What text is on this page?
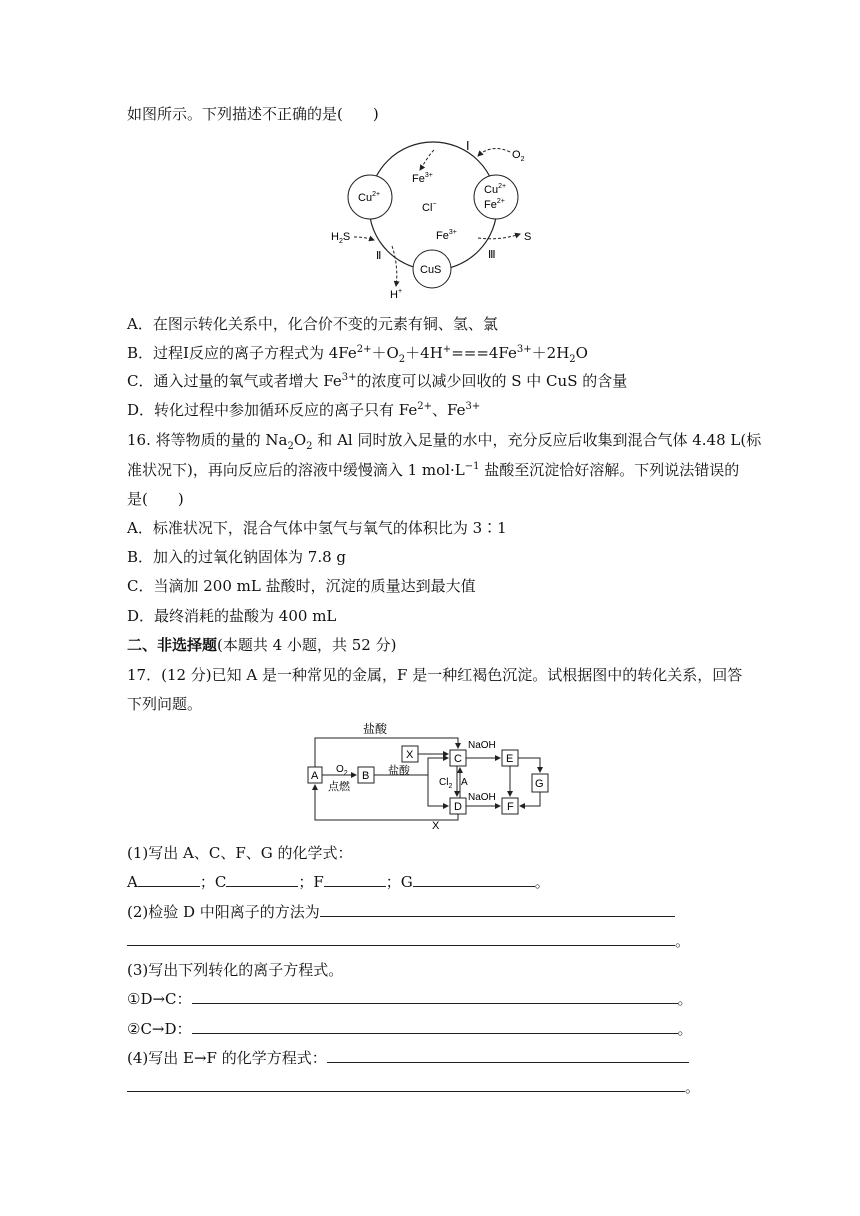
如图所示。下列描述不正确的是(　　)
$Cu^{2+}$
$Fe^{3+}$
Cl−
Ⅰ
$O_2$
$Cu^{2+}$
$Fe^{2+}$
$H_2S$
Ⅱ
$Fe^{3+}$	S
Ⅲ
CuS
H+
A．在图示转化关系中，化合价不变的元素有铜、氢、氯
B．过程Ⅰ反应的离子方程式为 $4Fe^{2+}+O_2+4H^+===4Fe^{3+}+2H_2O$
C．通入过量的氧气或者增大 $Fe^{3+}$的浓度可以减少回收的 S 中 CuS 的含量
D．转化过程中参加循环反应的离子只有 $Fe^{2+}$、$Fe^{3+}$
16. 将等物质的量的 $Na_2O_2$ 和 Al 同时放入足量的水中，充分反应后收集到混合气体 4.48 L(标
准状况下)，再向反应后的溶液中缓慢滴入 1 $mol\cdot L^{-1}$ 盐酸至沉淀恰好溶解。下列说法错误的
是(　　)
A．标准状况下，混合气体中氢气与氧气的体积比为 3∶1
B．加入的过氧化钠固体为 7.8 g
C．当滴加 200 mL 盐酸时，沉淀的质量达到最大值
D．最终消耗的盐酸为 400 mL
二、非选择题(本题共 4 小题，共 52 分)
17．(12 分)已知 A 是一种常见的金属，F 是一种红褐色沉淀。试根据图中的转化关系，回答
下列问题。
盐酸
A	B
X	C
D
E
F
G
$O_2$
点燃
盐酸
NaOH
NaOH
$Cl_2$ A
X
(1)写出 A、C、F、G 的化学式：
A	；C	；F	；G	。
(2)检验 D 中阳离子的方法为
。
(3)写出下列转化的离子方程式。
①D→C：	。
②C→D：	。
(4)写出 E→F 的化学方程式：
。
